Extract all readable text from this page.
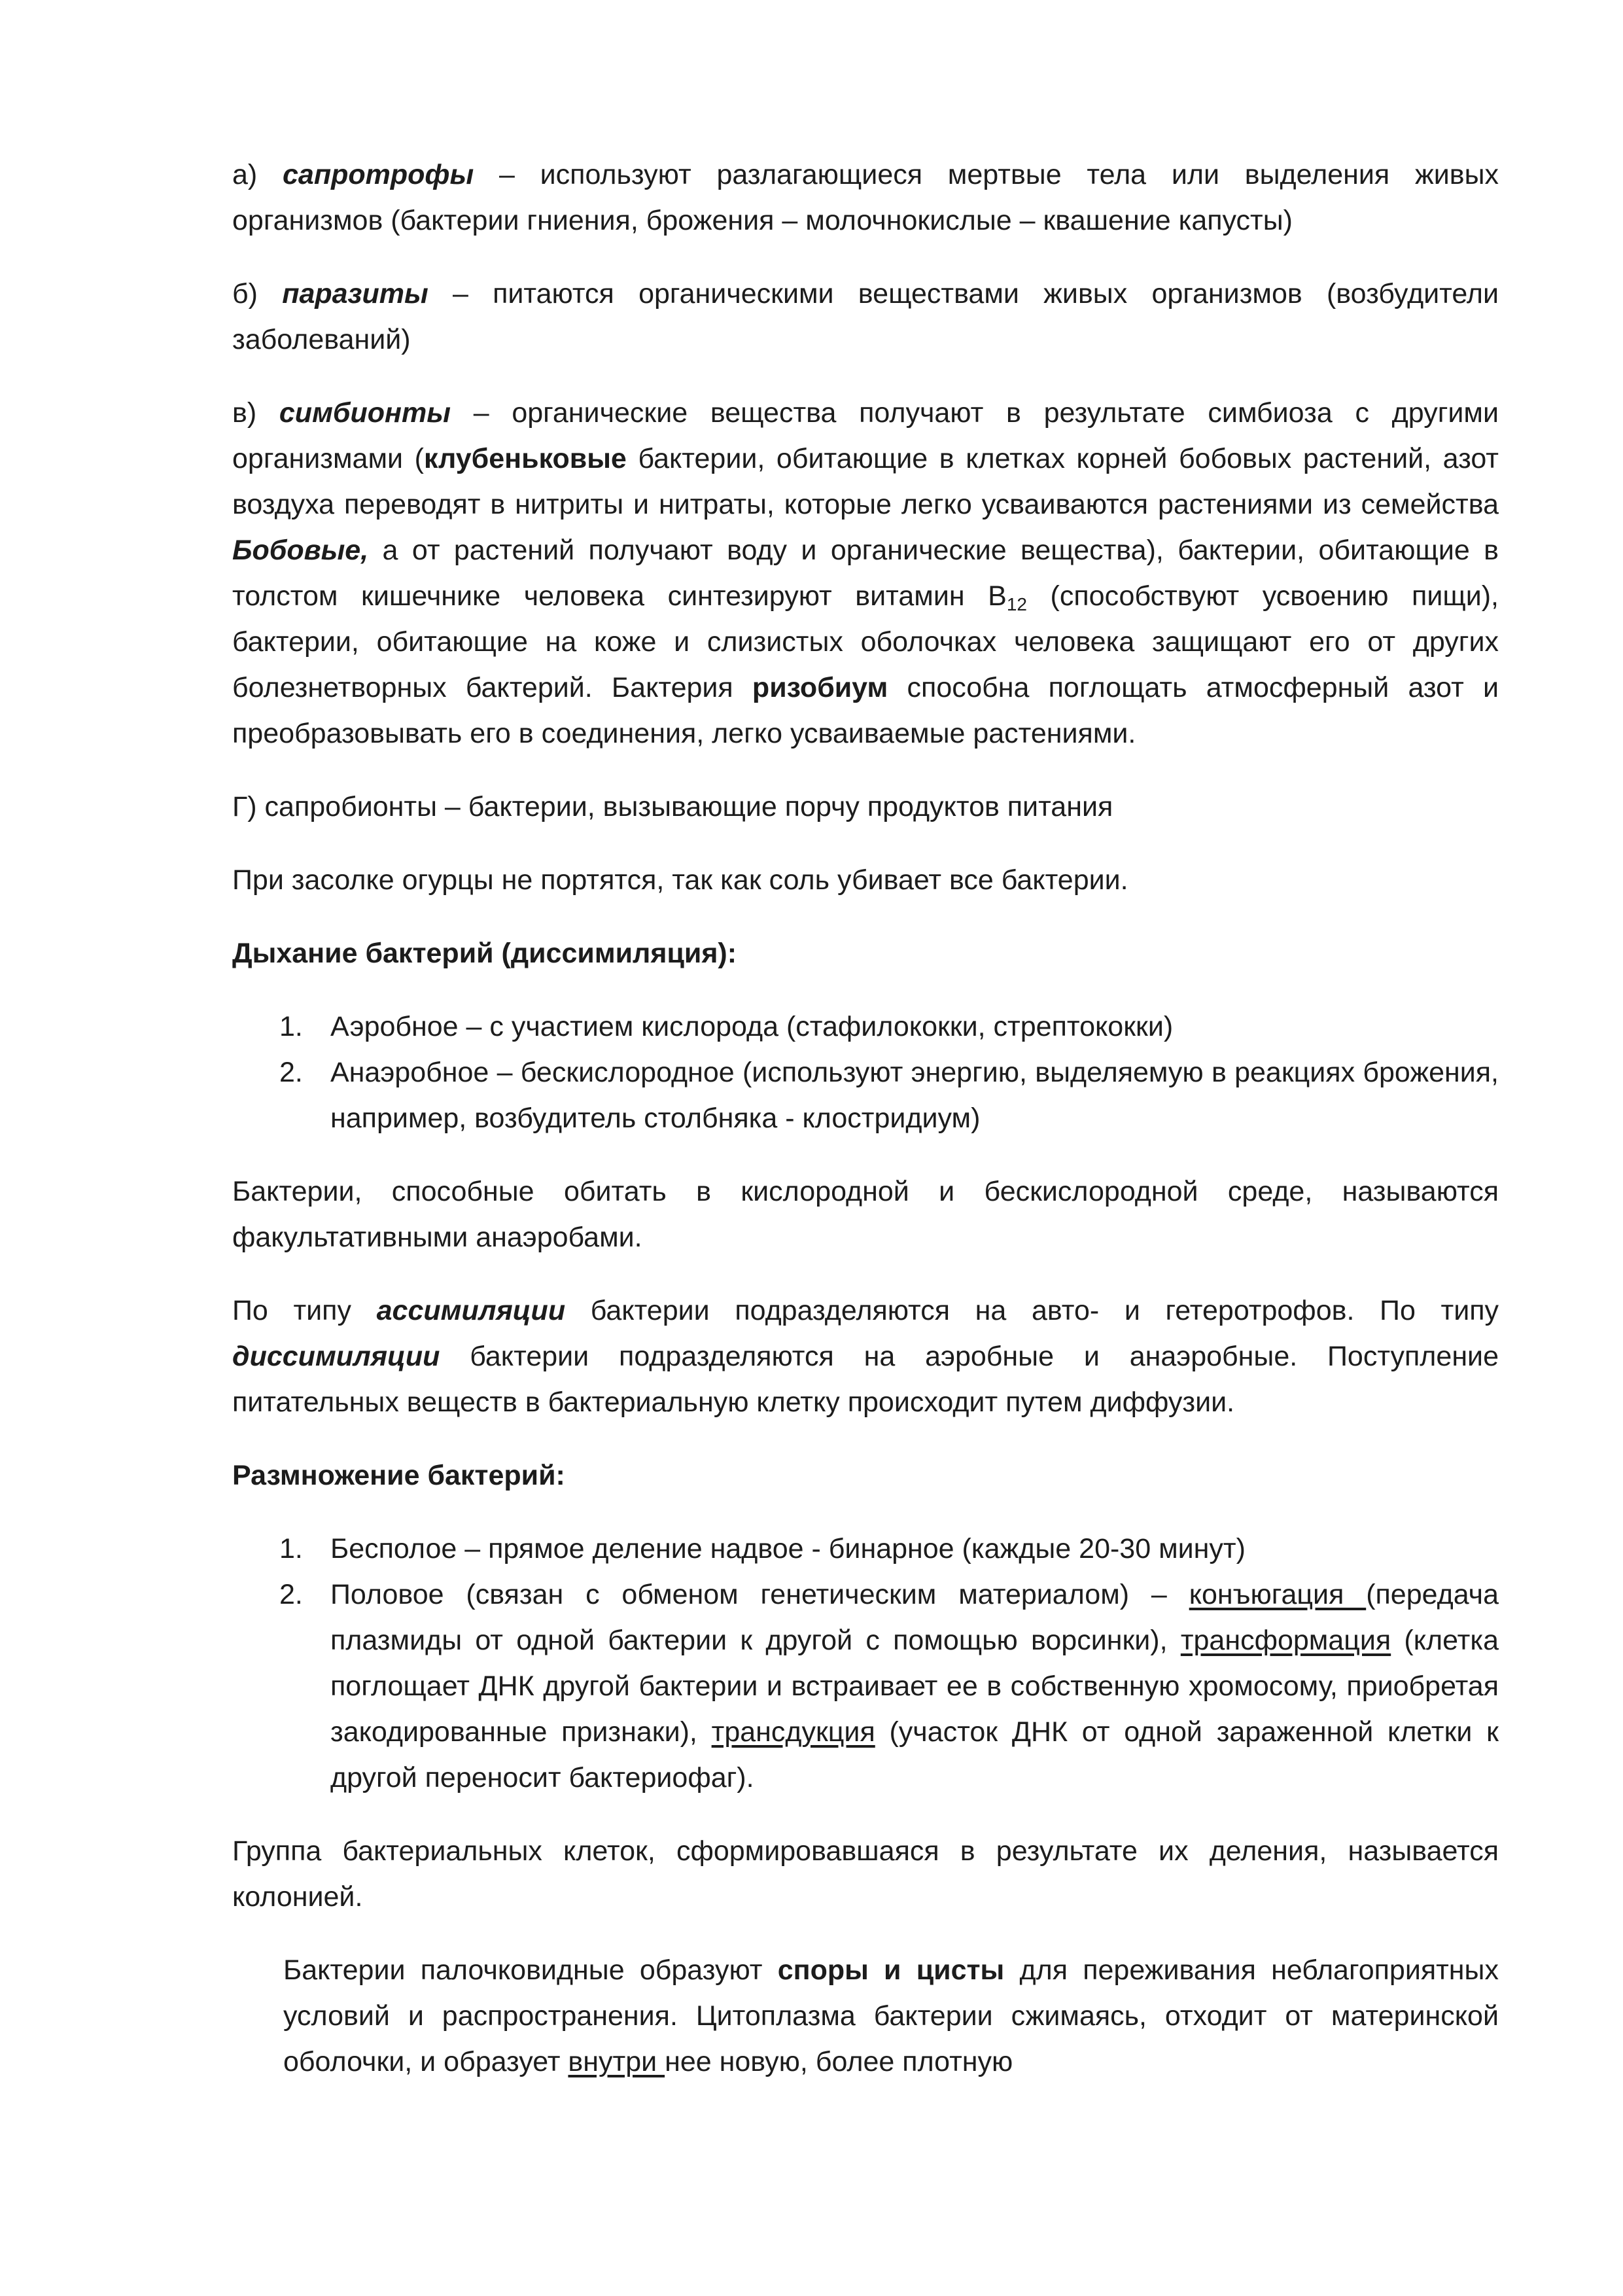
а) сапротрофы – используют разлагающиеся мертвые тела или выделения живых организмов (бактерии гниения, брожения – молочнокислые – квашение капусты)

б) паразиты – питаются органическими веществами живых организмов (возбудители заболеваний)

в) симбионты – органические вещества получают в результате симбиоза с другими организмами (клубеньковые бактерии, обитающие в клетках корней бобовых растений, азот воздуха переводят в нитриты и нитраты, которые легко усваиваются растениями из семейства Бобовые, а от растений получают воду и органические вещества), бактерии, обитающие в толстом кишечнике человека синтезируют витамин $В_{12}$ (способствуют усвоению пищи), бактерии, обитающие на коже и слизистых оболочках человека защищают его от других болезнетворных бактерий. Бактерия ризобиум способна поглощать атмосферный азот и преобразовывать его в соединения, легко усваиваемые растениями.

Г) сапробионты – бактерии, вызывающие порчу продуктов питания

При засолке огурцы не портятся, так как соль убивает все бактерии.

Дыхание бактерий (диссимиляция):

1. Аэробное – с участием кислорода (стафилококки, стрептококки)
2. Анаэробное – бескислородное (используют энергию, выделяемую в реакциях брожения, например, возбудитель столбняка - клостридиум)

Бактерии, способные обитать в кислородной и бескислородной среде, называются факультативными анаэробами.

По типу ассимиляции бактерии подразделяются на авто- и гетеротрофов. По типу диссимиляции бактерии подразделяются на аэробные и анаэробные. Поступление питательных веществ в бактериальную клетку происходит путем диффузии.

Размножение бактерий:

1. Бесполое – прямое деление надвое - бинарное (каждые 20-30 минут)
2. Половое (связан с обменом генетическим материалом) – конъюгация (передача плазмиды от одной бактерии к другой с помощью ворсинки), трансформация (клетка поглощает ДНК другой бактерии и встраивает ее в собственную хромосому, приобретая закодированные признаки), трансдукция (участок ДНК от одной зараженной клетки к другой переносит бактериофаг).

Группа бактериальных клеток, сформировавшаяся в результате их деления, называется колонией.

Бактерии палочковидные образуют споры и цисты для переживания неблагоприятных условий и распространения. Цитоплазма бактерии сжимаясь, отходит от материнской оболочки, и образует внутри нее новую, более плотную
